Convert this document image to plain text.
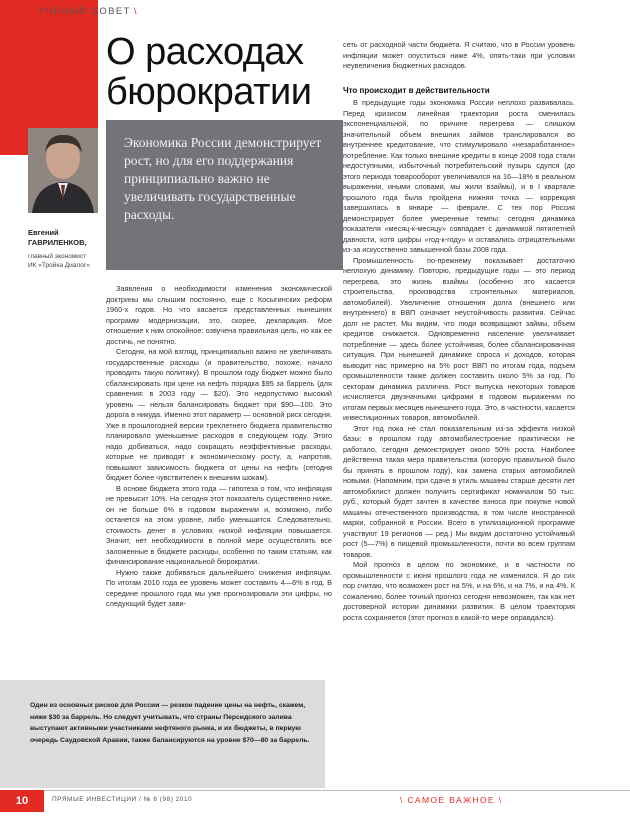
\ УЧЕНЫЙ СОВЕТ \
О расходах
бюрократии
Евгений
ГАВРИЛЕНКОВ,
главный экономист
ИК «Тройка Диалог»
Экономика России демонстрирует рост, но для его поддержания принципиально важно не увеличивать государственные расходы.

Заявления о необходимости изменения экономической доктрины мы слышим постоянно, еще с Косыгинских реформ 1960-х годов. Но что касается представленных нынешних программ модернизации, это, скорее, декларация. Мое отношение к ним спокойное: озвучена правильная цель, но как ее достичь, не понятно.

Сегодня, на мой взгляд, принципиально важно не увеличивать государственные расходы (и правительство, похоже, начало проводить такую политику). В прошлом году бюджет можно было сбалансировать при цене на нефть порядка $95 за баррель (для сравнения: в 2003 году — $20). Это недопустимо высокий уровень — нельзя балансировать бюджет при $90—100. Это дорога в никуда. Именно этот параметр — основной риск сегодня. Уже в прошлогодней версии трехлетнего бюджета правительство планировало уменьшение расходов в следующем году. Этого надо добиваться, надо сокращать неэффективные расходы, которые не приводят к экономическому росту, а, напротив, повышают зависимость бюджета от цены на нефть (сегодня бюджет более чувствителен к внешним шокам).

В основе бюджета этого года — гипотеза о том, что инфляция не превысит 10%. На сегодня этот показатель существенно ниже, он не больше 6% в годовом выражении и, возможно, либо останется на этом уровне, либо уменьшится. Следовательно, стоимость денег в условиях низкой инфляции повышается. Значит, нет необходимости в полной мере осуществлять все заложенные в бюджете расходы, особенно по таким статьям, как финансирование национальной бюрократии.

Нужно также добиваться дальнейшего снижения инфляции. По итогам 2010 года ее уровень может составить 4—6% в год. В середине прошлого года мы уже прогнозировали эти цифры, но следующий будет зави-

сеть от расходной части бюджета. Я считаю, что в России уровень инфляции может опуститься ниже 4%, опять-таки при условии неувеличения бюджетных расходов.

Что происходит в действительности

В предыдущие годы экономика России неплохо развивалась. Перед кризисом линейная траектория роста сменилась экспоненциальной, по причине перегрева — слишком значительный объем внешних займов транслировался во внутреннее кредитование, что стимулировало «незаработанное» потребление. Как только внешние кредиты в конце 2008 года стали недоступными, избыточный потребительский пузырь сдулся (до этого периода товарооборот увеличивался на 16—18% в реальном выражении, иными словами, мы жили взаймы), и в I квартале прошлого года была пройдена нижняя точка — коррекция завершилась в январе — феврале. С тех пор Россия демонстрирует более умеренные темпы: сегодня динамика показателя «месяц-к-месяцу» совпадает с динамикой пятилетней давности, хотя цифры «год-к-году» и оставались отрицательными из-за искусственно завышенной базы 2008 года.

Промышленность по-прежнему показывает достаточно неплохую динамику. Повторю, предыдущие годы — это период перегрева, это жизнь взаймы (особенно это касается строительства, производства строительных материалов, автомобилей). Увеличение отношения долга (внешнего или внутреннего) в ВВП означает неустойчивость развития. Сейчас долг не растет. Мы видим, что люди возвращают займы, объем кредитов снижается. Одновременно население увеличивает потребление — здесь более устойчивая, более сбалансированная ситуация. При нынешней динамике спроса и доходов, которая выводит нас примерно на 5% рост ВВП по итогам года, подъем промышленности также должен составить около 5% за год. По секторам динамика различна. Рост выпуска некоторых товаров исчисляется двузначными цифрами в годовом выражении по итогам первых месяцев нынешнего года. Это, в частности, касается инвестиционных товаров, автомобилей.

Этот год пока не стал показательным из-за эффекта низкой базы: в прошлом году автомобилестроение практически не работало, сегодня демонстрирует около 50% роста. Наиболее действенна такая мера правительства (которую правильной было бы принять в прошлом году), как замена старых автомобилей новыми. (Напомним, при сдаче в утиль машины старше десяти лет автомобилист должен получить сертификат номиналом 50 тыс. руб., который будет зачтен в качестве взноса при покупке новой машины отечественного производства, в том числе иностранной марки, собранной в России. Всего в утилизационной программе участвуют 19 регионов — ред.) Мы видим достаточно устойчивый рост (5—7%) в пищевой промышленности, почти во всем группам товаров.

Мой прогноз в целом по экономике, и в частности по промышленности с июня прошлого года не изменился. Я до сих пор считаю, что возможен рост на 5%, и на 6%, и на 7%, и на 4%. К сожалению, более точный прогноз сегодня невозможен, так как нет достоверной истории динамики развития. В целом траектория роста сохраняется (этот прогноз в какой-то мере оправдался).

Один из основных рисков для России — резкое падение цены на нефть, скажем, ниже $30 за баррель. Но следует учитывать, что страны Персидского залива выступают активными участниками нефтяного рынка, и их бюджеты, в первую очередь Саудовской Аравии, также балансируются на уровне $70—80 за баррель.
10	ПРЯМЫЕ ИНВЕСТИЦИИ / № 6 (98) 2010	\ САМОЕ ВАЖНОЕ \
